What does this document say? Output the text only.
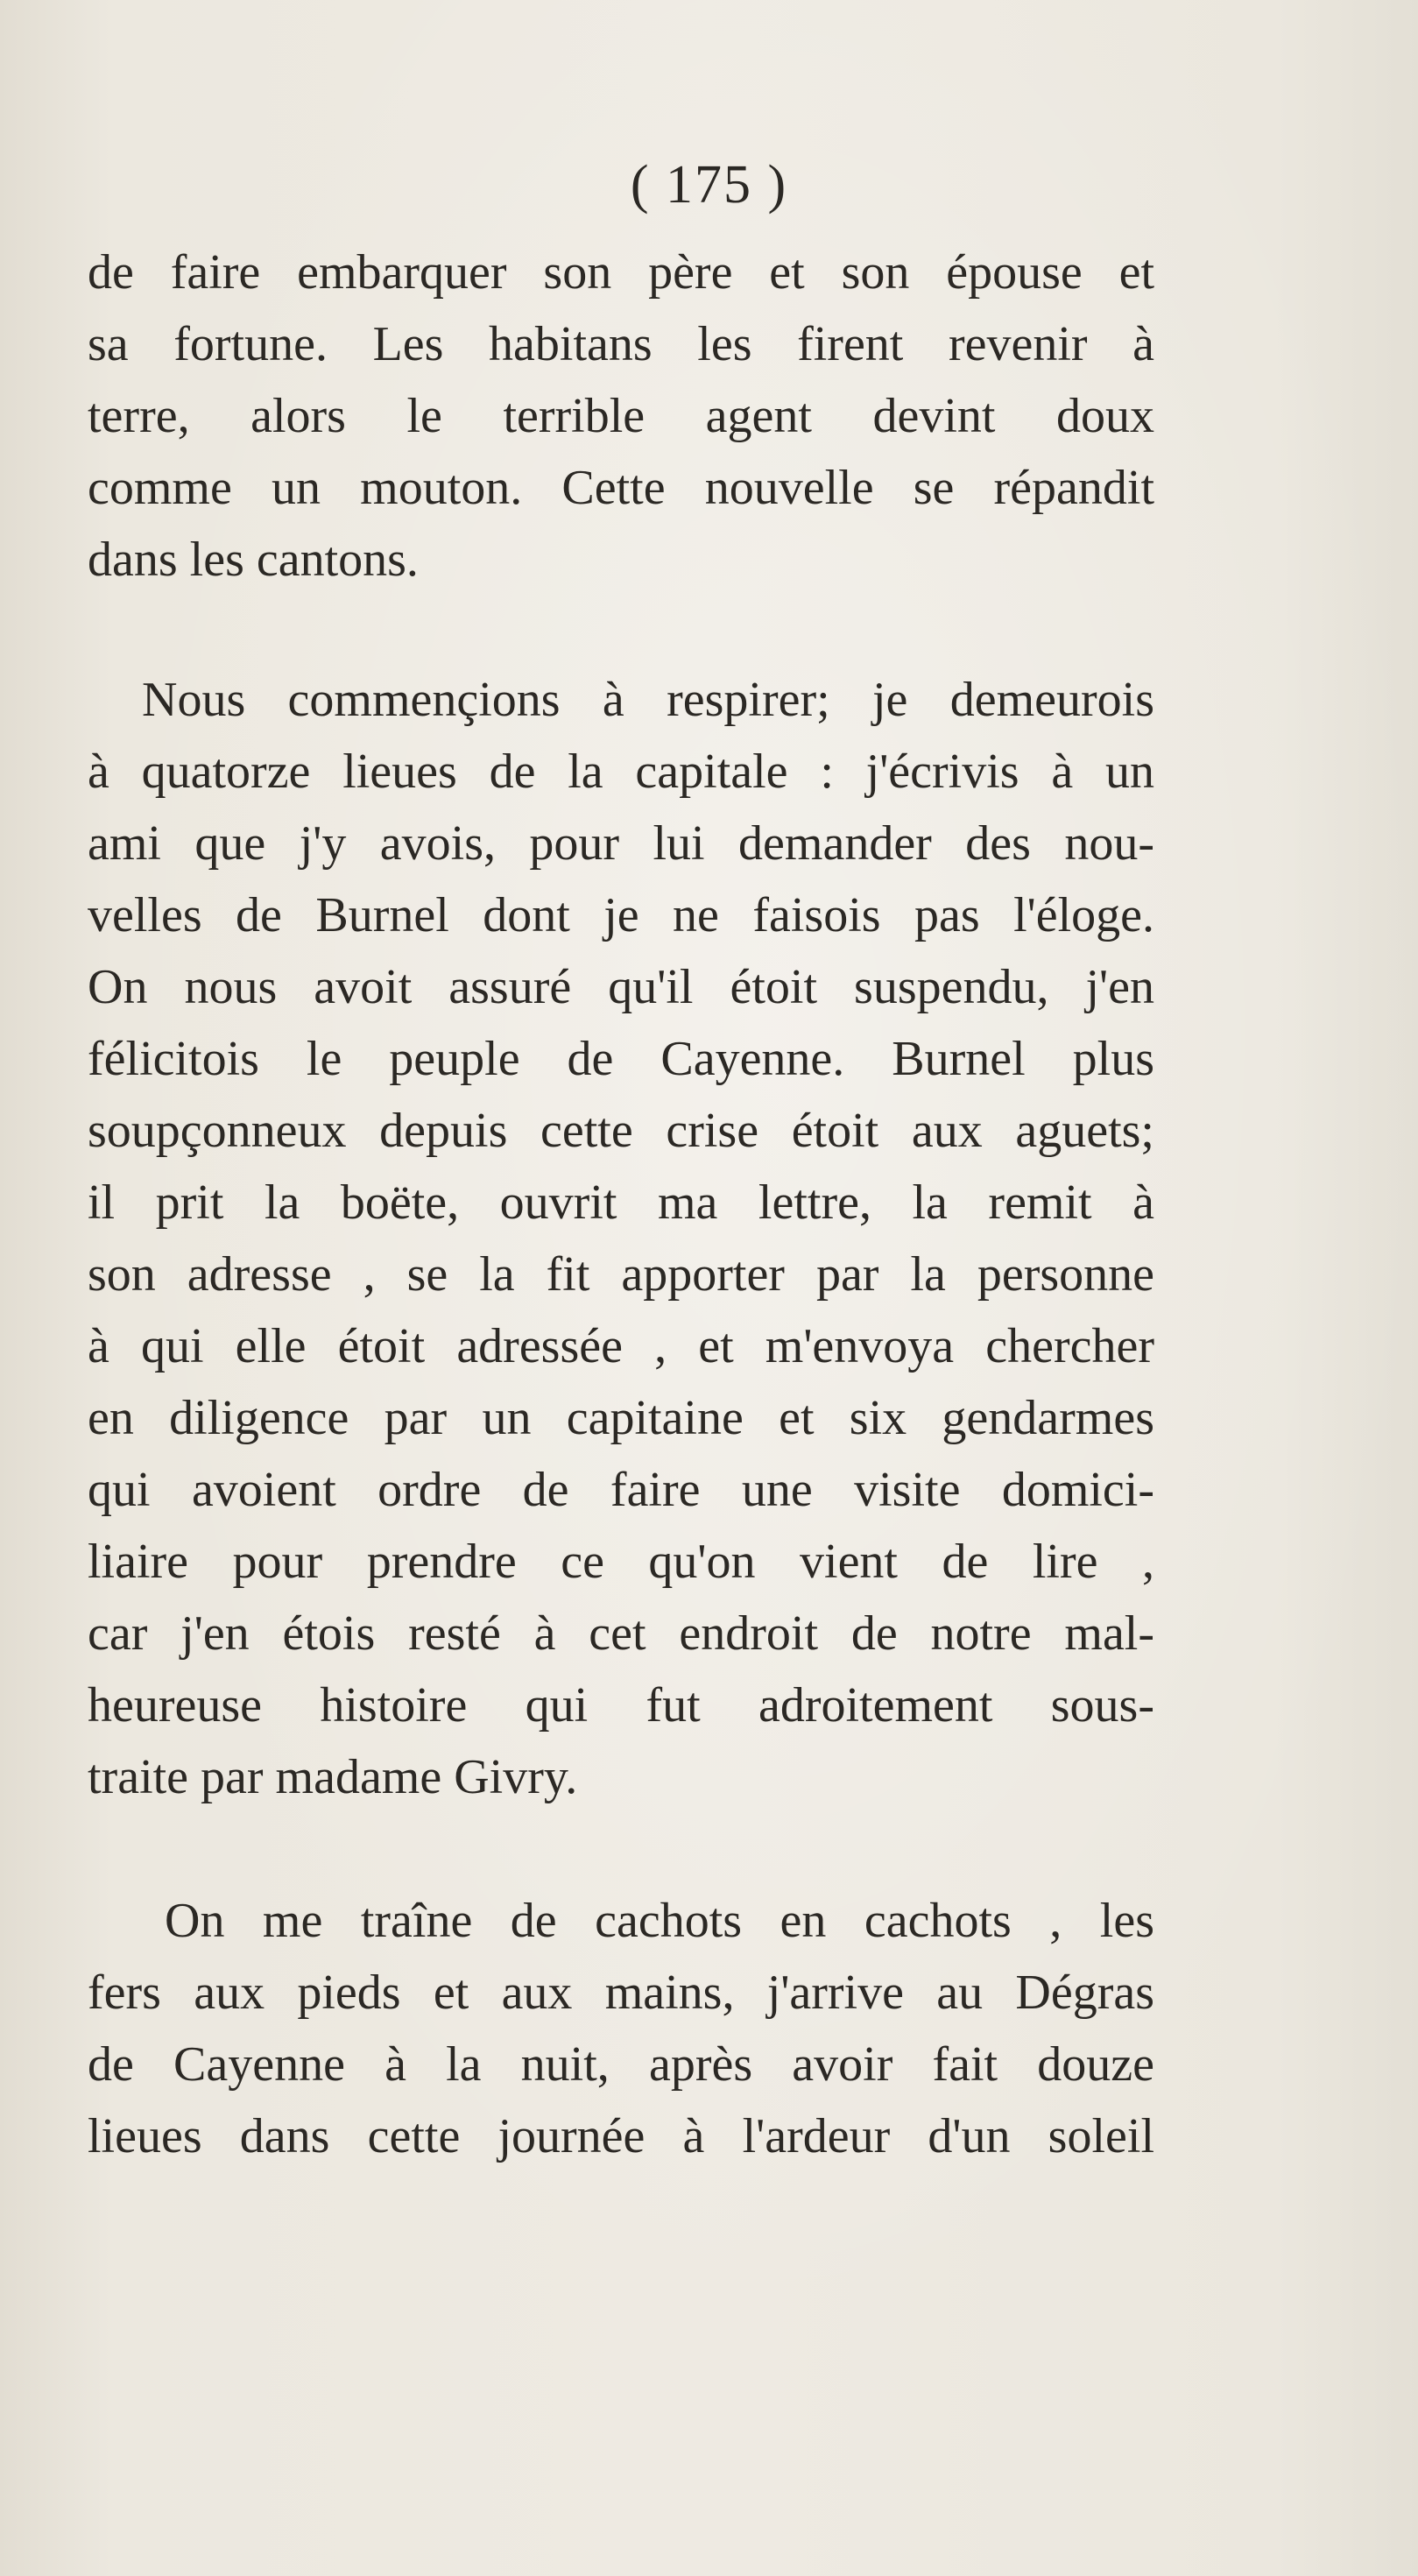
( 175 )

de faire embarquer son père et son épouse et
sa fortune. Les habitans les firent revenir à
terre, alors le terrible agent devint doux
comme un mouton. Cette nouvelle se répandit
dans les cantons.
Nous commençions à respirer; je demeurois
à quatorze lieues de la capitale : j'écrivis à un
ami que j'y avois, pour lui demander des nou-
velles de Burnel dont je ne faisois pas l'éloge.
On nous avoit assuré qu'il étoit suspendu, j'en
félicitois le peuple de Cayenne. Burnel plus
soupçonneux depuis cette crise étoit aux aguets;
il prit la boëte, ouvrit ma lettre, la remit à
son adresse , se la fit apporter par la personne
à qui elle étoit adressée , et m'envoya chercher
en diligence par un capitaine et six gendarmes
qui avoient ordre de faire une visite domici-
liaire pour prendre ce qu'on vient de lire ,
car j'en étois resté à cet endroit de notre mal-
heureuse histoire qui fut adroitement sous-
traite par madame Givry.
On me traîne de cachots en cachots , les
fers aux pieds et aux mains, j'arrive au Dégras
de Cayenne à la nuit, après avoir fait douze
lieues dans cette journée à l'ardeur d'un soleil
